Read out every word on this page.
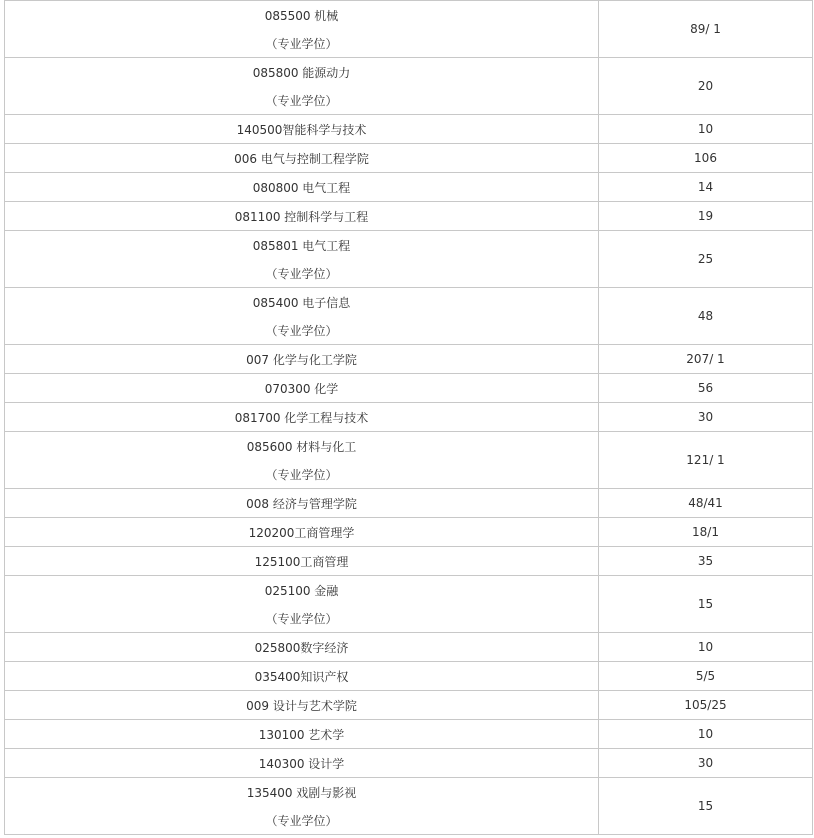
085500 机械
（专业学位）	89/ 1

085800 能源动力
（专业学位）	20

140500智能科学与技术	10

006 电气与控制工程学院	106

080800 电气工程	14

081100 控制科学与工程	19

085801 电气工程
（专业学位）	25

085400 电子信息
（专业学位）	48

007 化学与化工学院	207/ 1

070300 化学	56

081700 化学工程与技术	30

085600 材料与化工
（专业学位）	121/ 1

008 经济与管理学院	48/41

120200工商管理学	18/1

125100工商管理	35

025100 金融
（专业学位）	15

025800数字经济	10

035400知识产权	5/5

009 设计与艺术学院	105/25

130100 艺术学	10

140300 设计学	30

135400 戏剧与影视
（专业学位）	15
